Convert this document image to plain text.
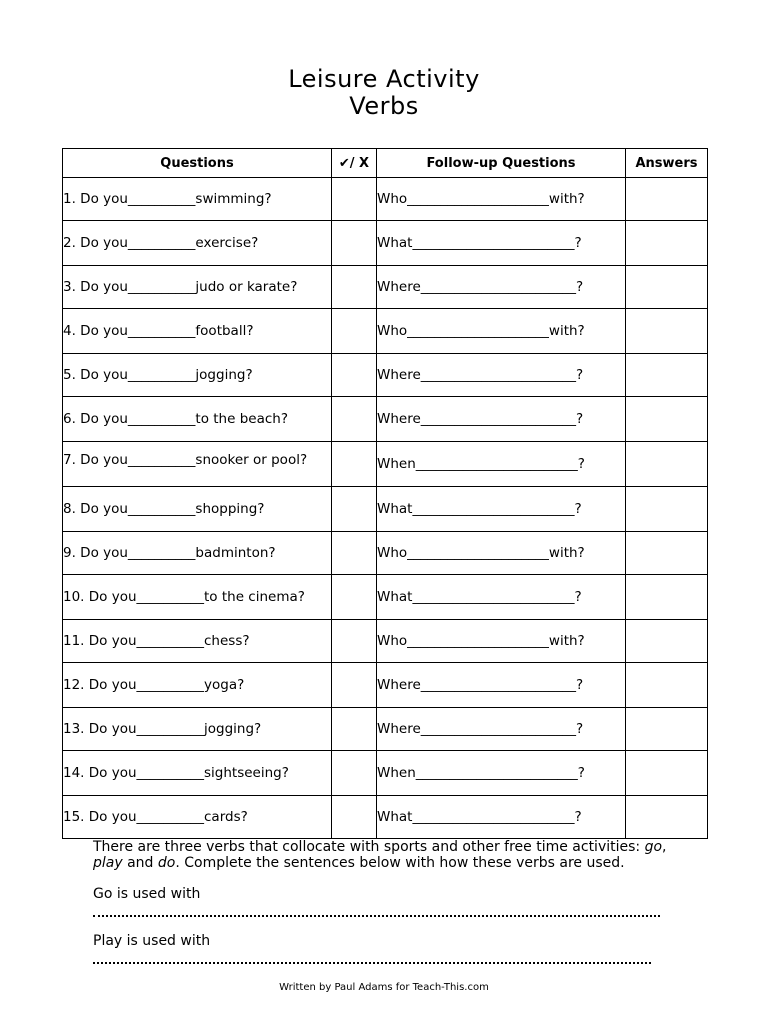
Leisure Activity
Verbs
Questions	✔/ X	Follow-up Questions	Answers
1. Do you__________swimming?		Who_____________________with?	
2. Do you__________exercise?		What________________________?	
3. Do you__________judo or karate?		Where_______________________?	
4. Do you__________football?		Who_____________________with?	
5. Do you__________jogging?		Where_______________________?	
6. Do you__________to the beach?		Where_______________________?	
7. Do you__________snooker or pool?		When________________________?	
8. Do you__________shopping?		What________________________?	
9. Do you__________badminton?		Who_____________________with?	
10. Do you__________to the cinema?		What________________________?	
11. Do you__________chess?		Who_____________________with?	
12. Do you__________yoga?		Where_______________________?	
13. Do you__________jogging?		Where_______________________?	
14. Do you__________sightseeing?		When________________________?	
15. Do you__________cards?		What________________________?	
There are three verbs that collocate with sports and other free time activities: go, play and do. Complete the sentences below with how these verbs are used.
Go is used with
Play is used with
Written by Paul Adams for Teach-This.com
